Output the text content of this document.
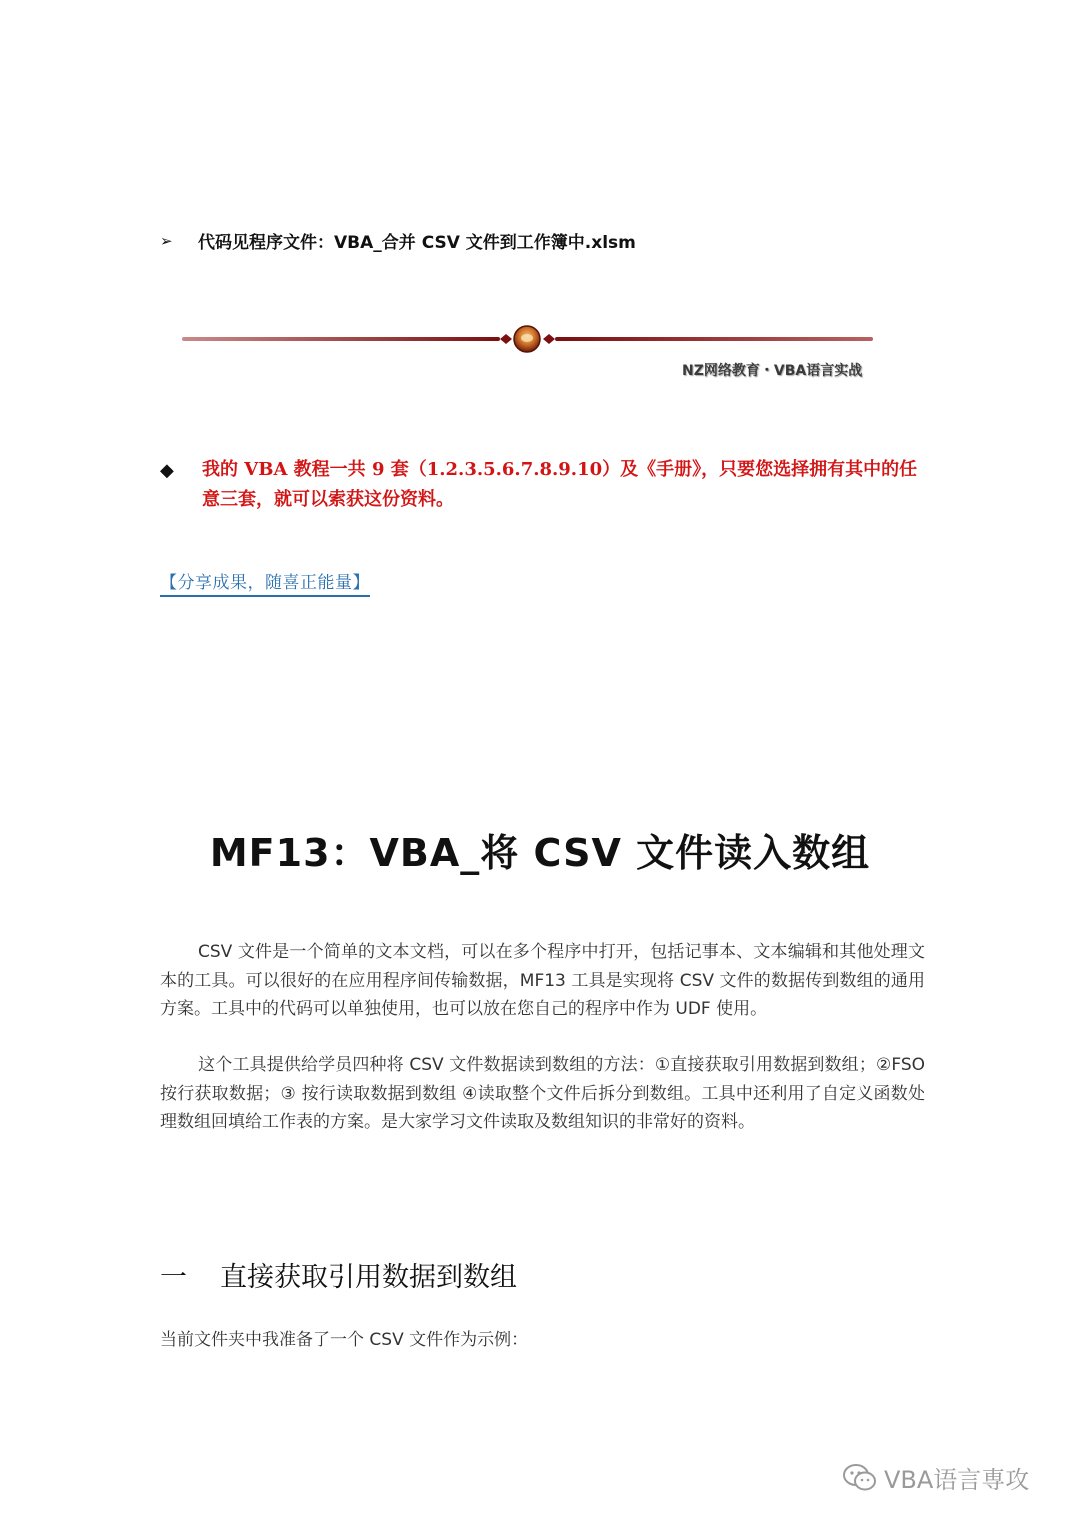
➢	代码见程序文件：VBA_合并 CSV 文件到工作簿中.xlsm
NZ网络教育・VBA语言实战
◆	我的 VBA 教程一共 9 套（1.2.3.5.6.7.8.9.10）及《手册》，只要您选择拥有其中的任意三套，就可以索获这份资料。
【分享成果，随喜正能量】
MF13：VBA_将 CSV 文件读入数组
CSV 文件是一个简单的文本文档，可以在多个程序中打开，包括记事本、文本编辑和其他处理文本的工具。可以很好的在应用程序间传输数据，MF13 工具是实现将 CSV 文件的数据传到数组的通用方案。工具中的代码可以单独使用，也可以放在您自己的程序中作为 UDF 使用。
这个工具提供给学员四种将 CSV 文件数据读到数组的方法：①直接获取引用数据到数组；②FSO 按行获取数据；③ 按行读取数据到数组 ④读取整个文件后拆分到数组。工具中还利用了自定义函数处理数组回填给工作表的方案。是大家学习文件读取及数组知识的非常好的资料。
一	直接获取引用数据到数组
当前文件夹中我准备了一个 CSV 文件作为示例：
VBA语言専攻
